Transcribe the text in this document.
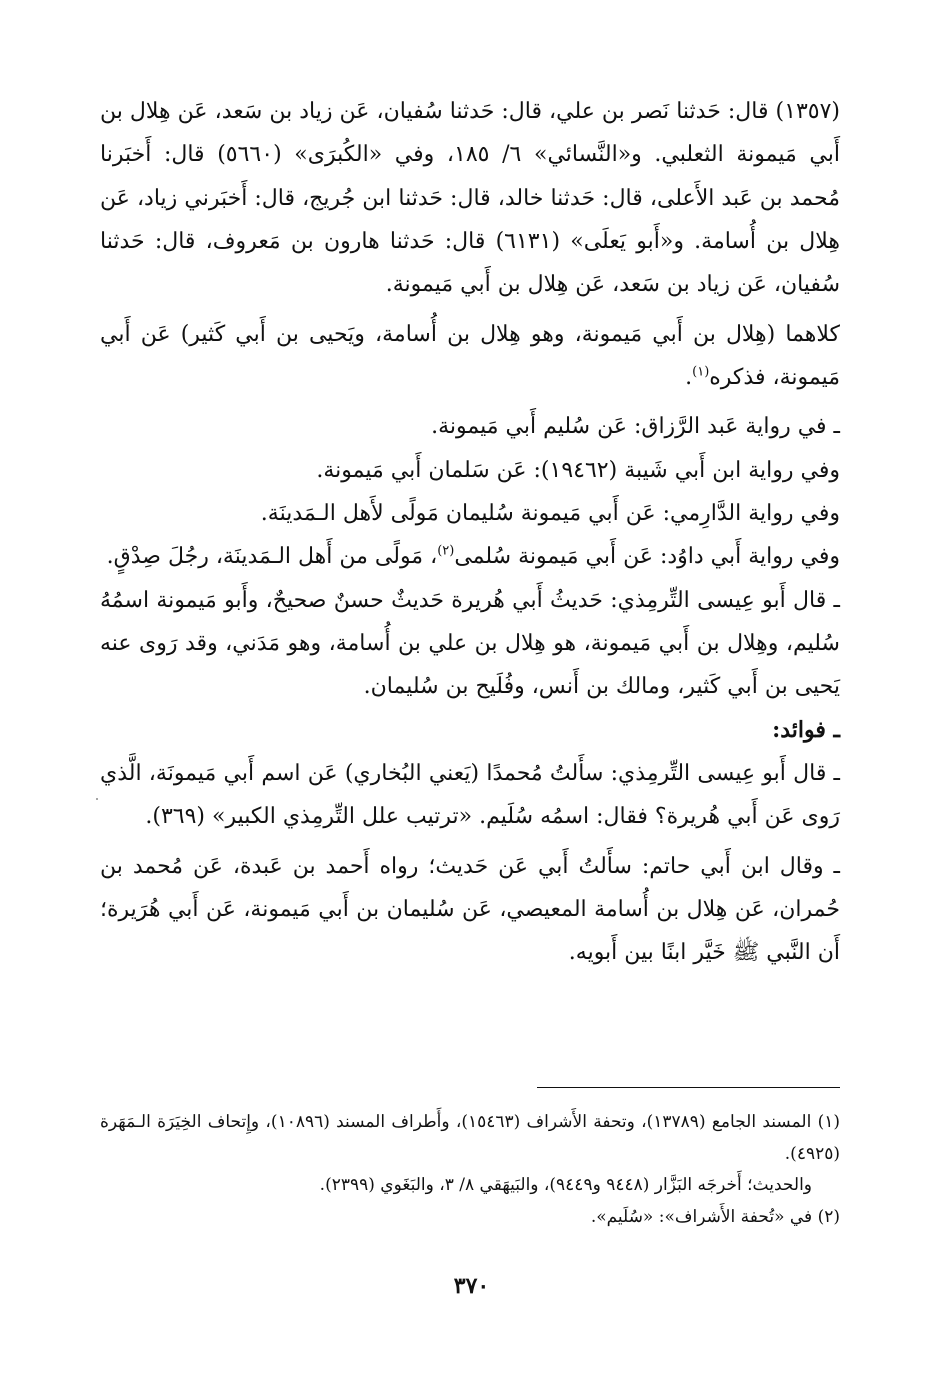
(١٣٥٧) قال: حَدثنا نَصر بن علي، قال: حَدثنا سُفيان، عَن زياد بن سَعد، عَن هِلال بن أَبي مَيمونة الثعلبي. و«النَّسائي» ٦/ ١٨٥، وفي «الكُبرَى» (٥٦٦٠) قال: أَخبَرنا مُحمد بن عَبد الأَعلى، قال: حَدثنا خالد، قال: حَدثنا ابن جُريج، قال: أَخبَرني زياد، عَن هِلال بن أُسامة. و«أَبو يَعلَى» (٦١٣١) قال: حَدثنا هارون بن مَعروف، قال: حَدثنا سُفيان، عَن زياد بن سَعد، عَن هِلال بن أَبي مَيمونة.

كلاهما (هِلال بن أَبي مَيمونة، وهو هِلال بن أُسامة، ويَحيى بن أَبي كَثير) عَن أَبي مَيمونة، فذكره$^{(١)}$.

ـ في رواية عَبد الرَّزاق: عَن سُليم أَبي مَيمونة.

وفي رواية ابن أَبي شَيبة (١٩٤٦٢): عَن سَلمان أَبي مَيمونة.

وفي رواية الدَّارِمي: عَن أَبي مَيمونة سُليمان مَولًى لأَهل الـمَدينَة.

وفي رواية أَبي داوُد: عَن أَبي مَيمونة سُلمى$^{(٢)}$، مَولًى من أَهل الـمَدينَة، رجُلَ صِدْقٍ.

ـ قال أَبو عِيسى التِّرمِذي: حَديثُ أَبي هُريرة حَديثٌ حسنٌ صحيحٌ، وأَبو مَيمونة اسمُهُ سُليم، وهِلال بن أَبي مَيمونة، هو هِلال بن علي بن أُسامة، وهو مَدَني، وقد رَوى عنه يَحيى بن أَبي كَثير، ومالك بن أَنس، وفُلَيح بن سُليمان.

ـ فوائد:

ـ قال أَبو عِيسى التِّرمِذي: سأَلتُ مُحمدًا (يَعني البُخاري) عَن اسم أَبي مَيمونَة، الَّذي رَوى عَن أَبي هُريرة؟ فقال: اسمُه سُلَيم. «ترتيب علل التِّرمِذي الكبير» (٣٦٩).

ـ وقال ابن أَبي حاتم: سأَلتُ أَبي عَن حَديث؛ رواه أَحمد بن عَبدة، عَن مُحمد بن حُمران، عَن هِلال بن أُسامة المعيصي، عَن سُليمان بن أَبي مَيمونة، عَن أَبي هُرَيرة؛ أَن النَّبي ﷺ خَيَّر ابنًا بين أَبويه.

(١) المسند الجامع (١٣٧٨٩)، وتحفة الأَشراف (١٥٤٦٣)، وأَطراف المسند (١٠٨٩٦)، وإِتحاف الخِيَرَة الـمَهَرة (٤٩٢٥).

والحديث؛ أَخرجَه البَزَّار (٩٤٤٨ و٩٤٤٩)، والبَيهَقي ٨/ ٣، والبَغَوي (٢٣٩٩).

(٢) في «تُحفة الأَشراف»: «سُلَيم».

٣٧٠
